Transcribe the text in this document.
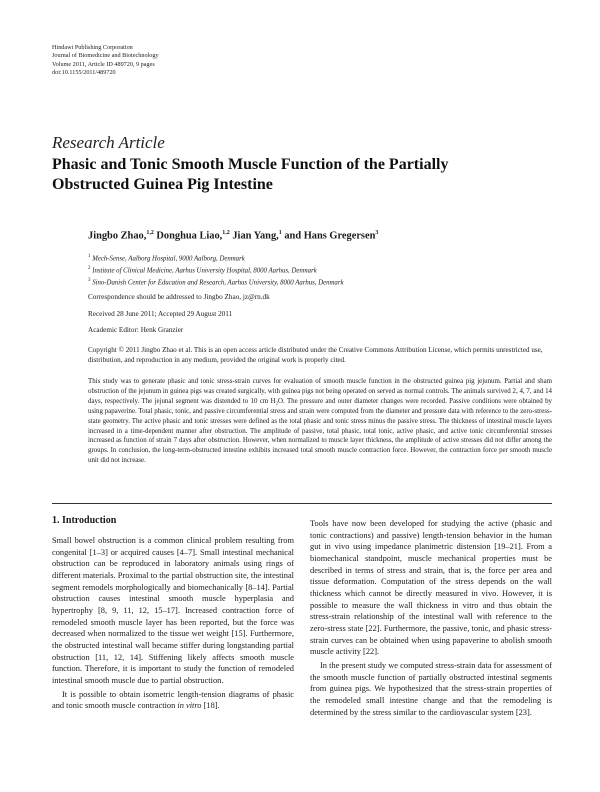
Hindawi Publishing Corporation
Journal of Biomedicine and Biotechnology
Volume 2011, Article ID 489720, 9 pages
doi:10.1155/2011/489720
Research Article
Phasic and Tonic Smooth Muscle Function of the Partially
Obstructed Guinea Pig Intestine
Jingbo Zhao,$^{1,2}$ Donghua Liao,$^{1,2}$ Jian Yang,$^1$ and Hans Gregersen$^3$
$^1$ Mech-Sense, Aalborg Hospital, 9000 Aalborg, Denmark
$^2$ Institute of Clinical Medicine, Aarhus University Hospital, 8000 Aarhus, Denmark
$^3$ Sino-Danish Center for Education and Research, Aarhus University, 8000 Aarhus, Denmark
Correspondence should be addressed to Jingbo Zhao, jz@rn.dk
Received 28 June 2011; Accepted 29 August 2011
Academic Editor: Henk Granzier
Copyright © 2011 Jingbo Zhao et al. This is an open access article distributed under the Creative Commons Attribution License, which permits unrestricted use, distribution, and reproduction in any medium, provided the original work is properly cited.
This study was to generate phasic and tonic stress-strain curves for evaluation of smooth muscle function in the obstructed guinea pig jejunum. Partial and sham obstruction of the jejunum in guinea pigs was created surgically, with guinea pigs not being operated on served as normal controls. The animals survived 2, 4, 7, and 14 days, respectively. The jejunal segment was distended to 10 cm H₂O. The pressure and outer diameter changes were recorded. Passive conditions were obtained by using papaverine. Total phasic, tonic, and passive circumferential stress and strain were computed from the diameter and pressure data with reference to the zero-stress-state geometry. The active phasic and tonic stresses were defined as the total phasic and tonic stress minus the passive stress. The thickness of intestinal muscle layers increased in a time-dependent manner after obstruction. The amplitude of passive, total phasic, total tonic, active phasic, and active tonic circumferential stresses increased as function of strain 7 days after obstruction. However, when normalized to muscle layer thickness, the amplitude of active stresses did not differ among the groups. In conclusion, the long-term-obstructed intestine exhibits increased total smooth muscle contraction force. However, the contraction force per smooth muscle unit did not increase.
1. Introduction

Small bowel obstruction is a common clinical problem resulting from congenital [1–3] or acquired causes [4–7]. Small intestinal mechanical obstruction can be reproduced in laboratory animals using rings of different materials. Proximal to the partial obstruction site, the intestinal segment remodels morphologically and biomechanically [8–14]. Partial obstruction causes intestinal smooth muscle hyperplasia and hypertrophy [8, 9, 11, 12, 15–17]. Increased contraction force of remodeled smooth muscle layer has been reported, but the force was decreased when normalized to the tissue wet weight [15]. Furthermore, the obstructed intestinal wall became stiffer during longstanding partial obstruction [11, 12, 14]. Stiffening likely affects smooth muscle function. Therefore, it is important to study the function of remodeled intestinal smooth muscle due to partial obstruction.

It is possible to obtain isometric length-tension diagrams of phasic and tonic smooth muscle contraction in vitro [18].

Tools have now been developed for studying the active (phasic and tonic contractions) and passive) length-tension behavior in the human gut in vivo using impedance planimetric distension [19–21]. From a biomechanical standpoint, muscle mechanical properties must be described in terms of stress and strain, that is, the force per area and tissue deformation. Computation of the stress depends on the wall thickness which cannot be directly measured in vivo. However, it is possible to measure the wall thickness in vitro and thus obtain the stress-strain relationship of the intestinal wall with reference to the zero-stress state [22]. Furthermore, the passive, tonic, and phasic stress-strain curves can be obtained when using papaverine to abolish smooth muscle activity [22].

In the present study we computed stress-strain data for assessment of the smooth muscle function of partially obstructed intestinal segments from guinea pigs. We hypothesized that the stress-strain properties of the remodeled small intestine change and that the remodeling is determined by the stress similar to the cardiovascular system [23].
